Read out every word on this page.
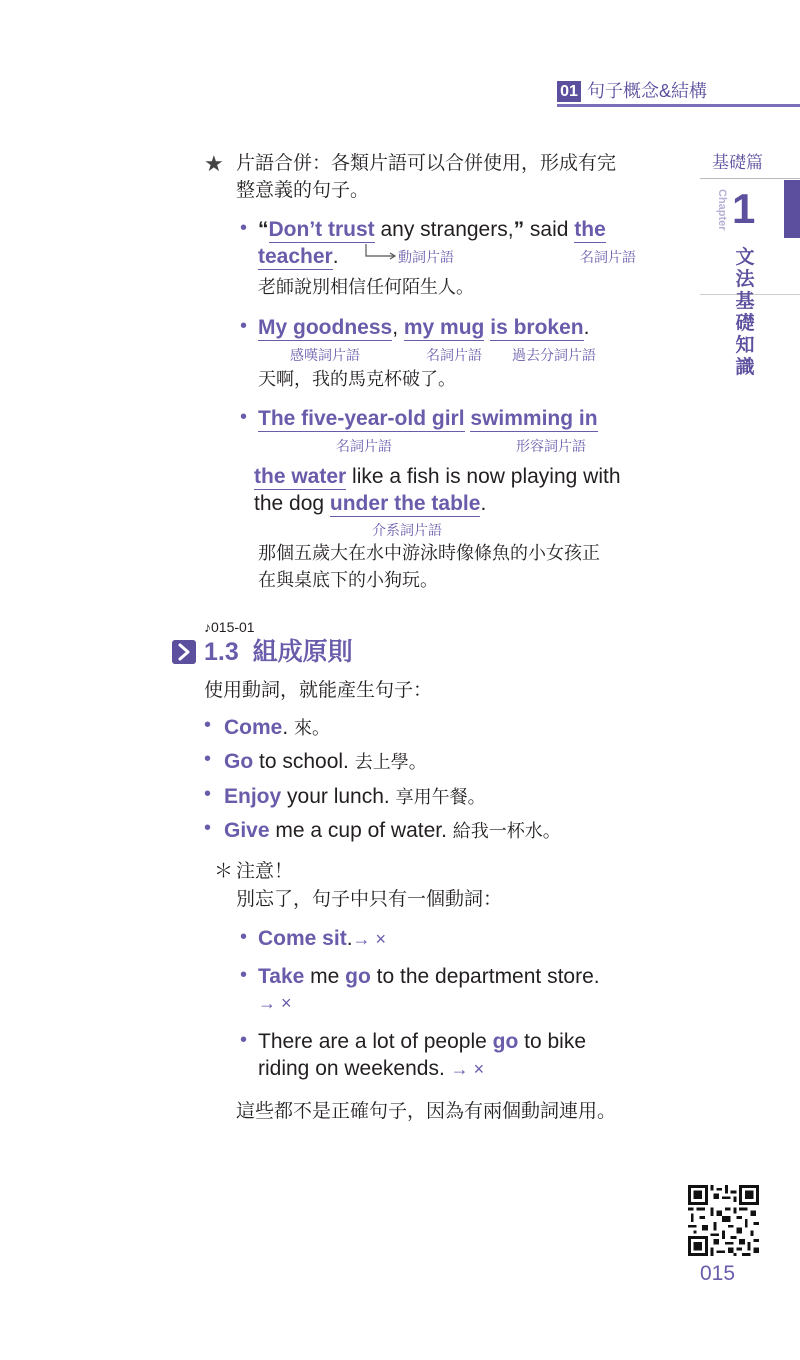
01 句子概念&結構
基礎篇
Chapter 1
文
法
基
礎
知
識
★ 片語合併：各類片語可以合併使用，形成有完
整意義的句子。
• “Don’t trust any strangers,” said the
teacher.	動詞片語	名詞片語
老師說別相信任何陌生人。
• My goodness, my mug is broken.
感嘆詞片語	名詞片語 過去分詞片語
天啊，我的馬克杯破了。
• The five-year-old girl swimming in
名詞片語	形容詞片語
the water like a fish is now playing with
the dog under the table.
介系詞片語
那個五歲大在水中游泳時像條魚的小女孩正
在與桌底下的小狗玩。
♪015-01
1.3 組成原則
使用動詞，就能產生句子：
• Come. 來。
• Go to school. 去上學。
• Enjoy your lunch. 享用午餐。
• Give me a cup of water. 給我一杯水。
＊ 注意！
別忘了，句子中只有一個動詞：
• Come sit.→ ×
• Take me go to the department store.
→ ×
• There are a lot of people go to bike
riding on weekends. → ×
這些都不是正確句子，因為有兩個動詞連用。
015
